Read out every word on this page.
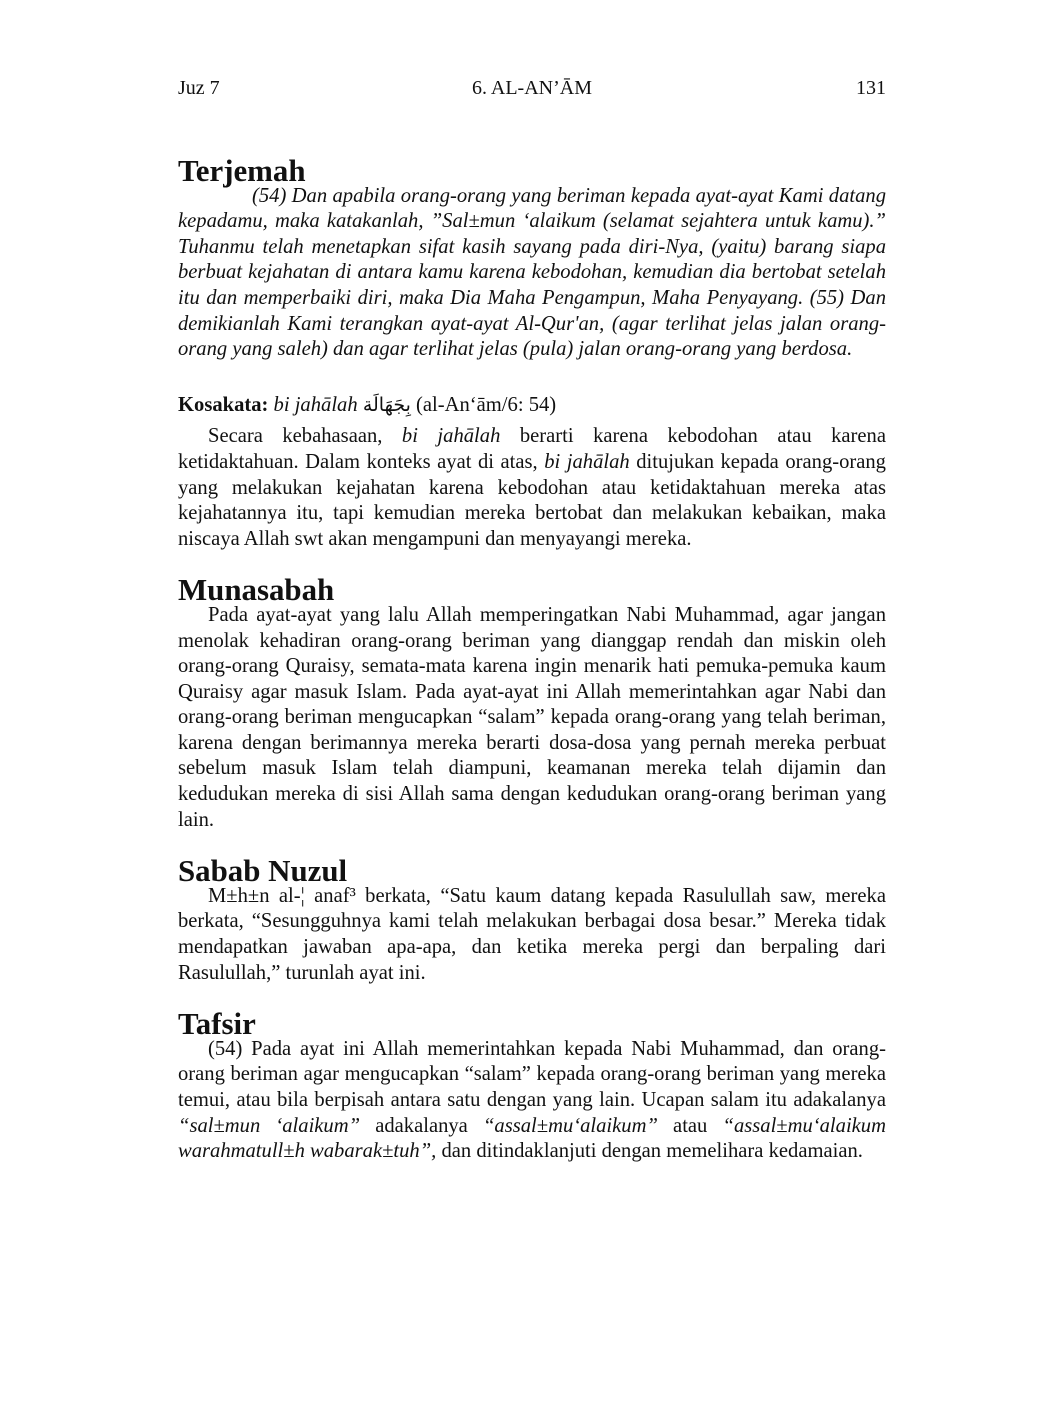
Juz 7	6. AL-AN’ĀM	131
Terjemah

(54) Dan apabila orang-orang yang beriman kepada ayat-ayat Kami datang kepadamu, maka katakanlah, ”Sal±mun ‘alaikum (selamat sejahtera untuk kamu).” Tuhanmu telah menetapkan sifat kasih sayang pada diri-Nya, (yaitu) barang siapa berbuat kejahatan di antara kamu karena kebodohan, kemudian dia bertobat setelah itu dan memperbaiki diri, maka Dia Maha Pengampun, Maha Penyayang. (55) Dan demikianlah Kami terangkan ayat-ayat Al-Qur'an, (agar terlihat jelas jalan orang-orang yang saleh) dan agar terlihat jelas (pula) jalan orang-orang yang berdosa.

Kosakata: bi jahālah بِجَهَالَة (al-An‘ām/6: 54)

Secara kebahasaan, bi jahālah berarti karena kebodohan atau karena ketidaktahuan. Dalam konteks ayat di atas, bi jahālah ditujukan kepada orang-orang yang melakukan kejahatan karena kebodohan atau ketidaktahuan mereka atas kejahatannya itu, tapi kemudian mereka bertobat dan melakukan kebaikan, maka niscaya Allah swt akan mengampuni dan menyayangi mereka.

Munasabah

Pada ayat-ayat yang lalu Allah memperingatkan Nabi Muhammad, agar jangan menolak kehadiran orang-orang beriman yang dianggap rendah dan miskin oleh orang-orang Quraisy, semata-mata karena ingin menarik hati pemuka-pemuka kaum Quraisy agar masuk Islam. Pada ayat-ayat ini Allah memerintahkan agar Nabi dan orang-orang beriman mengucapkan “salam” kepada orang-orang yang telah beriman, karena dengan berimannya mereka berarti dosa-dosa yang pernah mereka perbuat sebelum masuk Islam telah diampuni, keamanan mereka telah dijamin dan kedudukan mereka di sisi Allah sama dengan kedudukan orang-orang beriman yang lain.

Sabab Nuzul

M±h±n al-¦ anaf³ berkata, “Satu kaum datang kepada Rasulullah saw, mereka berkata, “Sesungguhnya kami telah melakukan berbagai dosa besar.” Mereka tidak mendapatkan jawaban apa-apa, dan ketika mereka pergi dan berpaling dari Rasulullah,” turunlah ayat ini.

Tafsir

(54) Pada ayat ini Allah memerintahkan kepada Nabi Muhammad, dan orang-orang beriman agar mengucapkan “salam” kepada orang-orang beriman yang mereka temui, atau bila berpisah antara satu dengan yang lain. Ucapan salam itu adakalanya “sal±mun ‘alaikum” adakalanya “assal±mu‘alaikum” atau “assal±mu‘alaikum warahmatull±h wabarak±tuh”, dan ditindaklanjuti dengan memelihara kedamaian.
